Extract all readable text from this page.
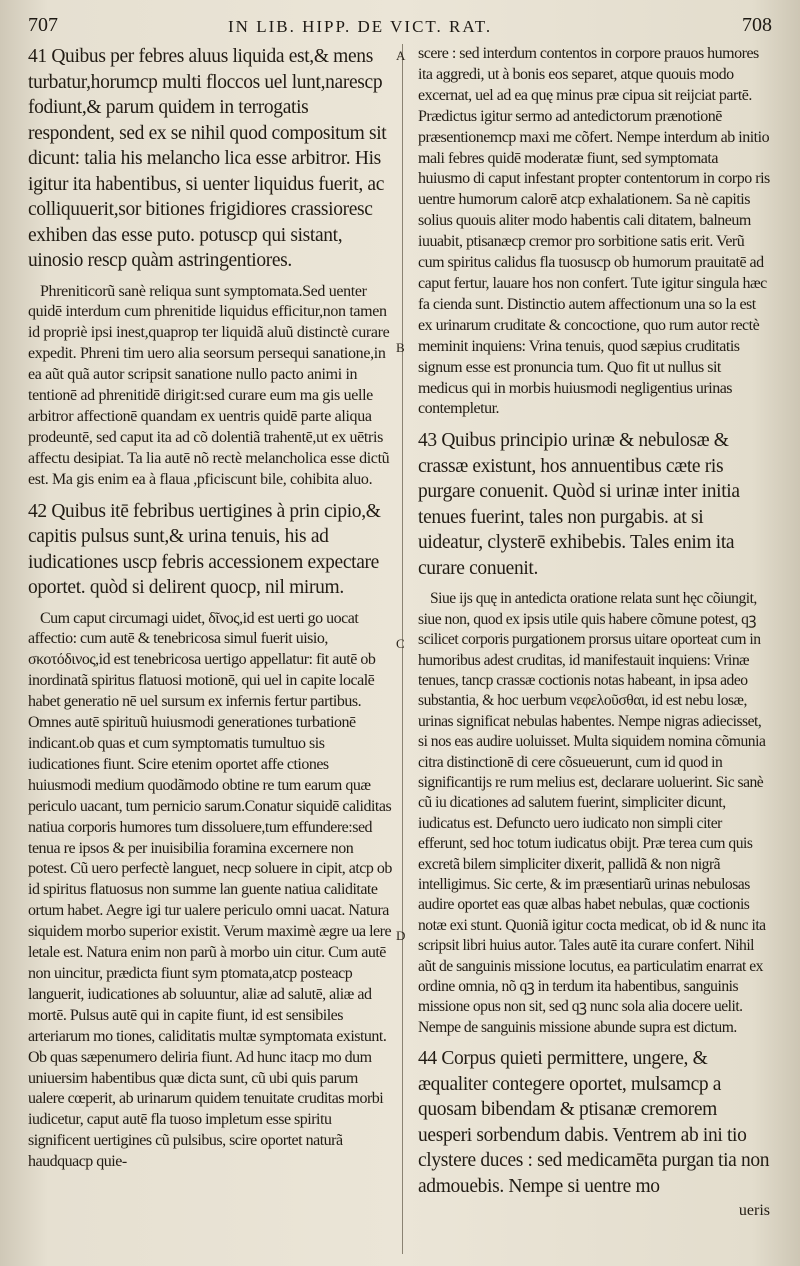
707	IN LIB. HIPP. DE VICT. RAT.	708
A
B
C
D

41 Quibus per febres aluus liquida est,& mens turbatur,horumcp multi floccos uel lunt,narescp fodiunt,& parum quidem in terrogatis respondent, sed ex se nihil quod compositum sit dicunt: talia his melancho lica esse arbitror. His igitur ita habentibus, si uenter liquidus fuerit, ac colliquuerit,sor bitiones frigidiores crassioresc exhiben das esse puto. potuscp qui sistant, uinosio rescp quàm astringentiores.

Phreniticorũ sanè reliqua sunt symptomata.Sed uenter quidē interdum cum phrenitide liquidus efficitur,non tamen id propriè ipsi inest,quaprop ter liquidã aluũ distinctè curare expedit. Phreni tim uero alia seorsum persequi sanatione,in ea aũt quã autor scripsit sanatione nullo pacto animi in tentionē ad phrenitidē dirigit:sed curare eum ma gis uelle arbitror affectionē quandam ex uentris quidē parte aliqua prodeuntē, sed caput ita ad cõ dolentiã trahentē,ut ex uētris affectu desipiat. Ta lia autē nõ rectè melancholica esse dictũ est. Ma gis enim ea à flaua ,pficiscunt bile, cohibita aluo.

42 Quibus itē febribus uertigines à prin cipio,& capitis pulsus sunt,& urina tenuis, his ad iudicationes uscp febris accessionem expectare oportet. quòd si delirent quocp, nil mirum.

Cum caput circumagi uidet, δῖνος,id est uerti go uocat affectio: cum autē & tenebricosa simul fuerit uisio, σκοτόδινος,id est tenebricosa uertigo appellatur: fit autē ob inordinatã spiritus flatuosi motionē, qui uel in capite localē habet generatio nē uel sursum ex infernis fertur partibus. Omnes autē spirituũ huiusmodi generationes turbationē indicant.ob quas et cum symptomatis tumultuo sis iudicationes fiunt. Scire etenim oportet affe ctiones huiusmodi medium quodãmodo obtine re tum earum quæ periculo uacant, tum pernicio sarum.Conatur siquidē caliditas natiua corporis humores tum dissoluere,tum effundere:sed tenua re ipsos & per inuisibilia foramina excernere non potest. Cũ uero perfectè languet, necp soluere in cipit, atcp ob id spiritus flatuosus non summe lan guente natiua caliditate ortum habet. Aegre igi tur ualere periculo omni uacat. Natura siquidem morbo superior existit. Verum maximè ægre ua lere letale est. Natura enim non parũ à morbo uin citur. Cum autē non uincitur, prædicta fiunt sym ptomata,atcp posteacp languerit, iudicationes ab soluuntur, aliæ ad salutē, aliæ ad mortē. Pulsus autē qui in capite fiunt, id est sensibiles arteriarum mo tiones, caliditatis multæ symptomata existunt. Ob quas sæpenumero deliria fiunt. Ad hunc itacp mo dum uniuersim habentibus quæ dicta sunt, cũ ubi quis parum ualere cœperit, ab urinarum quidem tenuitate cruditas morbi iudicetur, caput autē fla tuoso impletum esse spiritu significent uertigines cũ pulsibus, scire oportet naturã haudquacp quie-

scere : sed interdum contentos in corpore prauos humores ita aggredi, ut à bonis eos separet, atque quouis modo excernat, uel ad ea quę minus præ cipua sit reijciat partē. Prædictus igitur sermo ad antedictorum prænotionē præsentionemcp maxi me cõfert. Nempe interdum ab initio mali febres quidē moderatæ fiunt, sed symptomata huiusmo di caput infestant propter contentorum in corpo ris uentre humorum calorē atcp exhalationem. Sa nè capitis solius quouis aliter modo habentis cali ditatem, balneum iuuabit, ptisanæcp cremor pro sorbitione satis erit. Verũ cum spiritus calidus fla tuosuscp ob humorum prauitatē ad caput fertur, lauare hos non confert. Tute igitur singula hæc fa cienda sunt. Distinctio autem affectionum una so la est ex urinarum cruditate & concoctione, quo rum autor rectè meminit inquiens: Vrina tenuis, quod sæpius cruditatis signum esse est pronuncia tum. Quo fit ut nullus sit medicus qui in morbis huiusmodi negligentius urinas contempletur.

43 Quibus principio urinæ & nebulosæ & crassæ existunt, hos annuentibus cæte ris purgare conuenit. Quòd si urinæ inter initia tenues fuerint, tales non purgabis. at si uideatur, clysterē exhibebis. Tales enim ita curare conuenit.

Siue ijs quę in antedicta oratione relata sunt hęc cõiungit, siue non, quod ex ipsis utile quis habere cõmune potest, qꝫ scilicet corporis purgationem prorsus uitare oporteat cum in humoribus adest cruditas, id manifestauit inquiens: Vrinæ tenues, tancp crassæ coctionis notas habeant, in ipsa adeo substantia, & hoc uerbum νεφελοῦσθαι, id est nebu losæ, urinas significat nebulas habentes. Nempe nigras adiecisset, si nos eas audire uoluisset. Multa siquidem nomina cõmunia citra distinctionē di cere cõsueuerunt, cum id quod in significantijs re rum melius est, declarare uoluerint. Sic sanè cũ iu dicationes ad salutem fuerint, simpliciter dicunt, iudicatus est. Defuncto uero iudicato non simpli citer efferunt, sed hoc totum iudicatus obijt. Præ terea cum quis excretã bilem simpliciter dixerit, pallidã & non nigrã intelligimus. Sic certe, & im præsentiarũ urinas nebulosas audire oportet eas quæ albas habet nebulas, quæ coctionis notæ exi stunt. Quoniã igitur cocta medicat, ob id & nunc ita scripsit libri huius autor. Tales autē ita curare confert. Nihil aũt de sanguinis missione locutus, ea particulatim enarrat ex ordine omnia, nõ qꝫ in terdum ita habentibus, sanguinis missione opus non sit, sed qꝫ nunc sola alia docere uelit. Nempe de sanguinis missione abunde supra est dictum.

44 Corpus quieti permittere, ungere, & æqualiter contegere oportet, mulsamcp a quosam bibendam & ptisanæ cremorem uesperi sorbendum dabis. Ventrem ab ini tio clystere duces : sed medicamēta purgan tia non admouebis. Nempe si uentre mo

ueris
